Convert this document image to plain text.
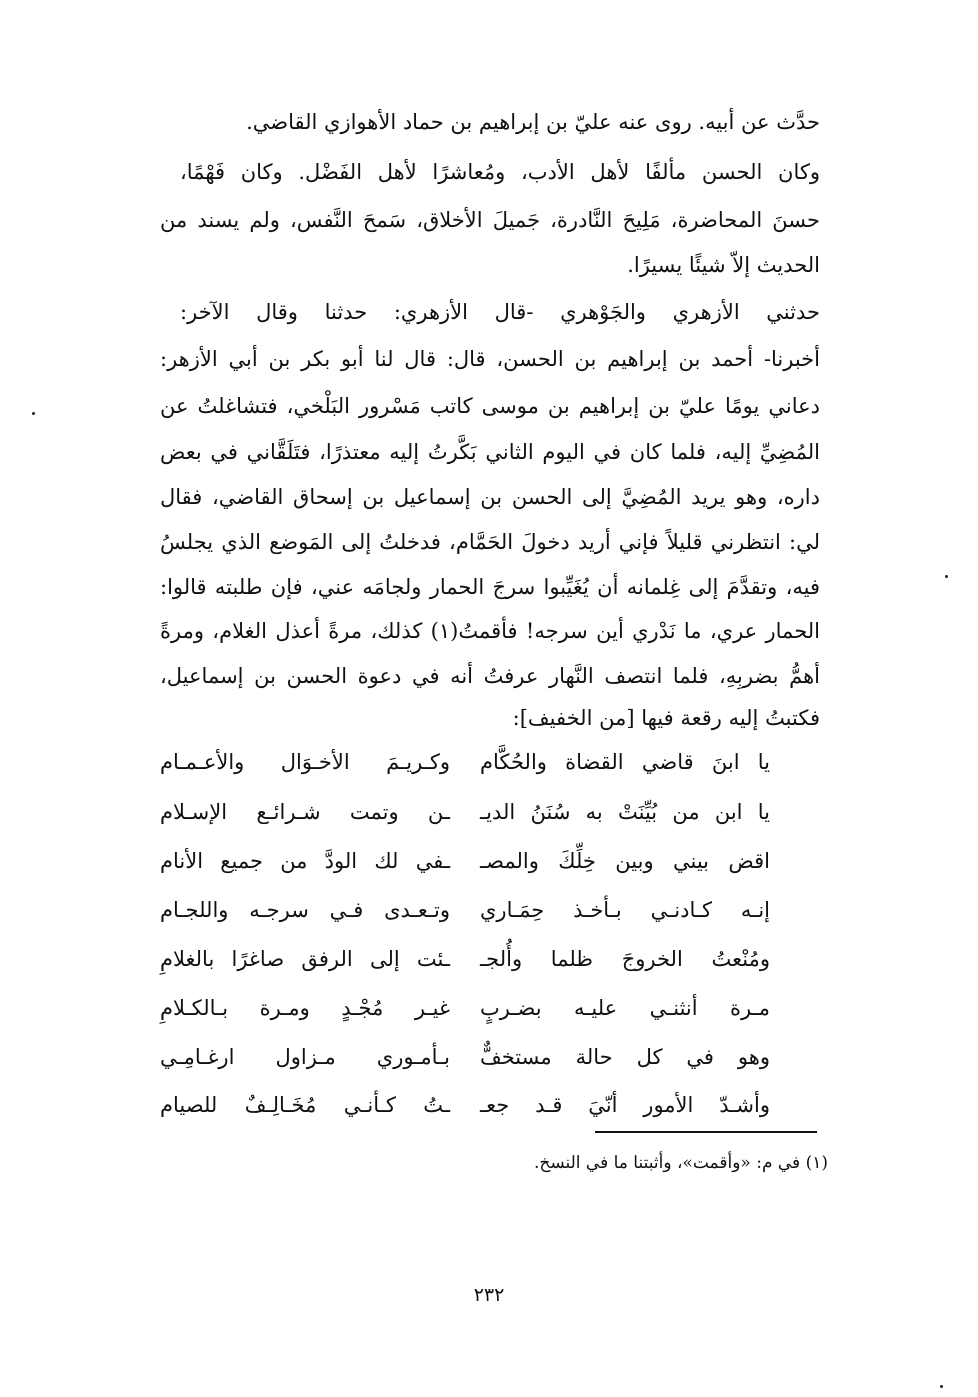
حدَّث عن أبيه. روى عنه عليّ بن إبراهيم بن حماد الأهوازي القاضي.
وكان الحسن مألفًا لأهل الأدب، ومُعاشرًا لأهل الفَضْل. وكان فَهْمًا،
حسنَ المحاضرة، مَلِيحَ النَّادرة، جَميلَ الأخلاق، سَمحَ النَّفس، ولم يسند من
الحديث إلاّ شيئًا يسيرًا.
حدثني الأزهري والجَوْهري -قال الأزهري: حدثنا وقال الآخر:
أخبرنا- أحمد بن إبراهيم بن الحسن، قال: قال لنا أبو بكر بن أبي الأزهر:
دعاني يومًا عليّ بن إبراهيم بن موسى كاتب مَسْرور البَلْخي، فتشاغلتُ عن
المُضِيِّ إليه، فلما كان في اليوم الثاني بَكَّرتُ إليه معتذرًا، فتَلَقَّاني في بعض
داره، وهو يريد المُضِيَّ إلى الحسن بن إسماعيل بن إسحاق القاضي، فقال
لي: انتظرني قليلاً فإني أريد دخولَ الحَمَّام، فدخلتُ إلى المَوضع الذي يجلسُ
فيه، وتقدَّمَ إلى غِلمانه أن يُغَيِّبوا سرجَ الحمار ولجامَه عني، فإن طلبته قالوا:
الحمار عري، ما نَدْري أين سرجه! فأقمتُ(١) كذلك، مرةً أعذل الغلام، ومرةً
أهمُّ بضربِهِ، فلما انتصف النَّهار عرفتُ أنه في دعوة الحسن بن إسماعيل،
فكتبتُ إليه رقعة فيها [من الخفيف]:
يا ابنَ قاضي القضاة والحُكَّام
وكـريـمَ الأخـوَال والأعـمـام
يا ابن من بُيِّنَتْ به سُنَنُ الديـ
ـن وتمت شـرائـع الإسـلام
اقض بيني وبين خِلِّكَ والمصـ
ـفي لك الودَّ من جميع الأنام
إنـه كـادنـي بـأخـذ حِمَـاري
وتـعـدى فـي سرجـه واللجـام
ومُنْعتُ الخروجَ ظلما وأُلجـ
ـئت إلى الرفق صاغرًا بالغلامِ
مـرة أنثنـي عليـه بضـربٍ
غيـر مُجْـدٍ ومـرة بـالكـلامِ
وهو في كل حالة مستخفٌّ
بـأمـوري مـزاول ارغـامِـي
وأشـدّ الأمور أنّيَ قـد جعـ
ـتُ كـأنـي مُخَـالِـفٌ للصيام
(١) في م: «وأقمت»، وأثبتنا ما في النسخ.
٢٣٢
